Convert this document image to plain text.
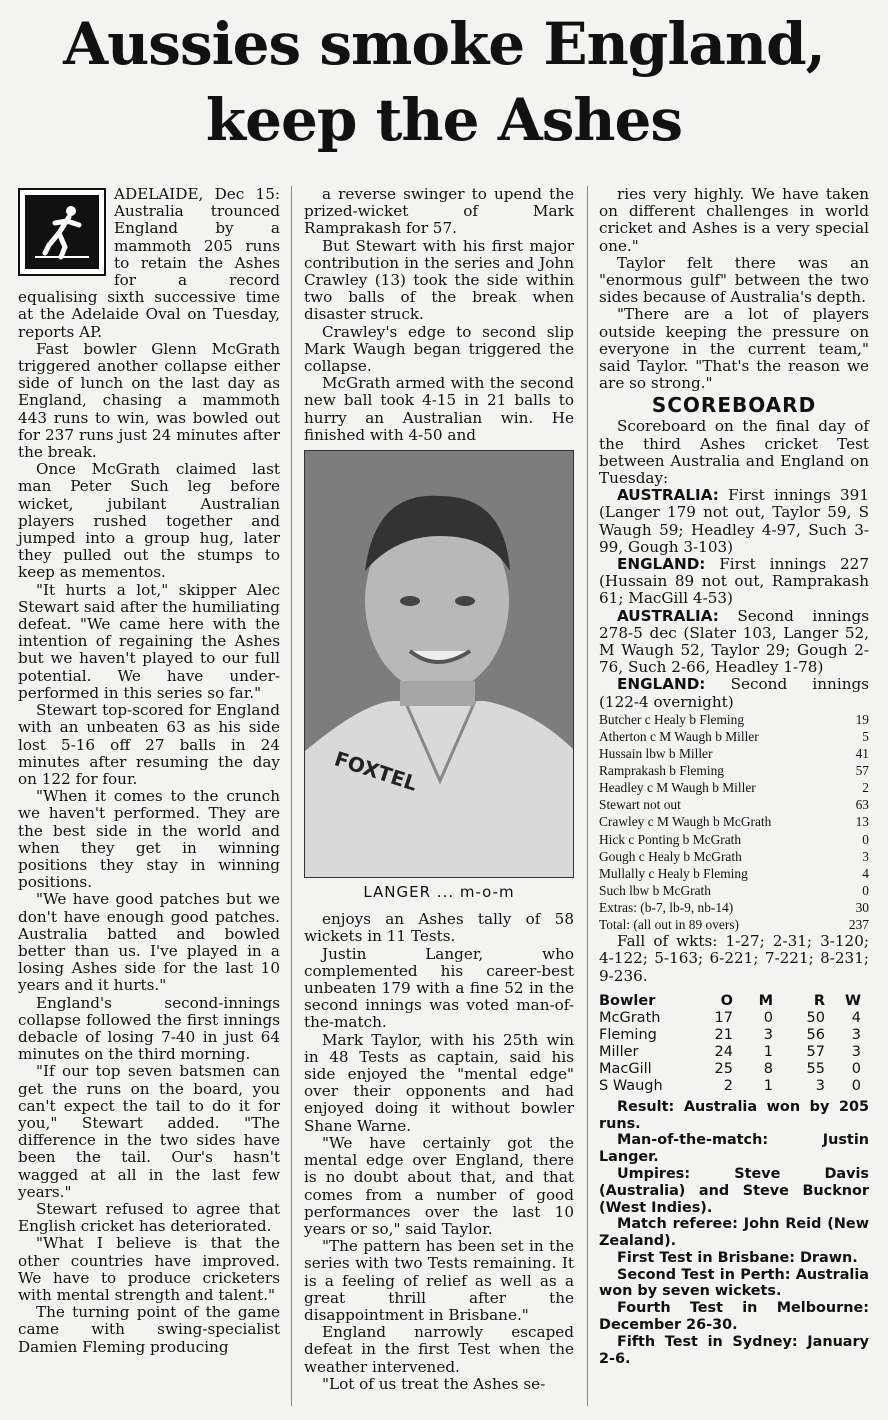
Aussies smoke England,
keep the Ashes

ADELAIDE, Dec 15: Australia trounced England by a mammoth 205 runs to retain the Ashes for a record equalising sixth successive time at the Adelaide Oval on Tuesday, reports AP.

Fast bowler Glenn McGrath triggered another collapse either side of lunch on the last day as England, chasing a mammoth 443 runs to win, was bowled out for 237 runs just 24 minutes after the break.

Once McGrath claimed last man Peter Such leg before wicket, jubilant Australian players rushed together and jumped into a group hug, later they pulled out the stumps to keep as mementos.

"It hurts a lot," skipper Alec Stewart said after the humiliating defeat. "We came here with the intention of regaining the Ashes but we haven't played to our full potential. We have under-performed in this series so far."

Stewart top-scored for England with an unbeaten 63 as his side lost 5-16 off 27 balls in 24 minutes after resuming the day on 122 for four.

"When it comes to the crunch we haven't performed. They are the best side in the world and when they get in winning positions they stay in winning positions.

"We have good patches but we don't have enough good patches. Australia batted and bowled better than us. I've played in a losing Ashes side for the last 10 years and it hurts."

England's second-innings collapse followed the first innings debacle of losing 7-40 in just 64 minutes on the third morning.

"If our top seven batsmen can get the runs on the board, you can't expect the tail to do it for you," Stewart added. "The difference in the two sides have been the tail. Our's hasn't wagged at all in the last few years."

Stewart refused to agree that English cricket has deteriorated.

"What I believe is that the other countries have improved. We have to produce cricketers with mental strength and talent."

The turning point of the game came with swing-specialist Damien Fleming producing

a reverse swinger to upend the prized-wicket of Mark Ramprakash for 57.

But Stewart with his first major contribution in the series and John Crawley (13) took the side within two balls of the break when disaster struck.

Crawley's edge to second slip Mark Waugh began triggered the collapse.

McGrath armed with the second new ball took 4-15 in 21 balls to hurry an Australian win. He finished with 4-50 and

FOXTEL
LANGER ... m-o-m

enjoys an Ashes tally of 58 wickets in 11 Tests.

Justin Langer, who complemented his career-best unbeaten 179 with a fine 52 in the second innings was voted man-of-the-match.

Mark Taylor, with his 25th win in 48 Tests as captain, said his side enjoyed the "mental edge" over their opponents and had enjoyed doing it without bowler Shane Warne.

"We have certainly got the mental edge over England, there is no doubt about that, and that comes from a number of good performances over the last 10 years or so," said Taylor.

"The pattern has been set in the series with two Tests remaining. It is a feeling of relief as well as a great thrill after the disappointment in Brisbane."

England narrowly escaped defeat in the first Test when the weather intervened.

"Lot of us treat the Ashes se-

ries very highly. We have taken on different challenges in world cricket and Ashes is a very special one."

Taylor felt there was an "enormous gulf" between the two sides because of Australia's depth.

"There are a lot of players outside keeping the pressure on everyone in the current team," said Taylor. "That's the reason we are so strong."

SCOREBOARD

Scoreboard on the final day of the third Ashes cricket Test between Australia and England on Tuesday:

AUSTRALIA: First innings 391 (Langer 179 not out, Taylor 59, S Waugh 59; Headley 4-97, Such 3-99, Gough 3-103)

ENGLAND: First innings 227 (Hussain 89 not out, Ramprakash 61; MacGill 4-53)

AUSTRALIA: Second innings 278-5 dec (Slater 103, Langer 52, M Waugh 52, Taylor 29; Gough 2-76, Such 2-66, Headley 1-78)

ENGLAND: Second innings (122-4 overnight)

Butcher c Healy b Fleming	19
Atherton c M Waugh b Miller	5
Hussain lbw b Miller	41
Ramprakash b Fleming	57
Headley c M Waugh b Miller	2
Stewart not out	63
Crawley c M Waugh b McGrath	13
Hick c Ponting b McGrath	0
Gough c Healy b McGrath	3
Mullally c Healy b Fleming	4
Such lbw b McGrath	0
Extras: (b-7, lb-9, nb-14)	30
Total: (all out in 89 overs)	237

Fall of wkts: 1-27; 2-31; 3-120; 4-122; 5-163; 6-221; 7-221; 8-231; 9-236.

Bowler	O	M	R	W
McGrath	17	0	50	4
Fleming	21	3	56	3
Miller	24	1	57	3
MacGill	25	8	55	0
S Waugh	2	1	3	0

Result: Australia won by 205 runs.

Man-of-the-match: Justin Langer.

Umpires: Steve Davis (Australia) and Steve Bucknor (West Indies).

Match referee: John Reid (New Zealand).

First Test in Brisbane: Drawn.

Second Test in Perth: Australia won by seven wickets.

Fourth Test in Melbourne: December 26-30.

Fifth Test in Sydney: January 2-6.
